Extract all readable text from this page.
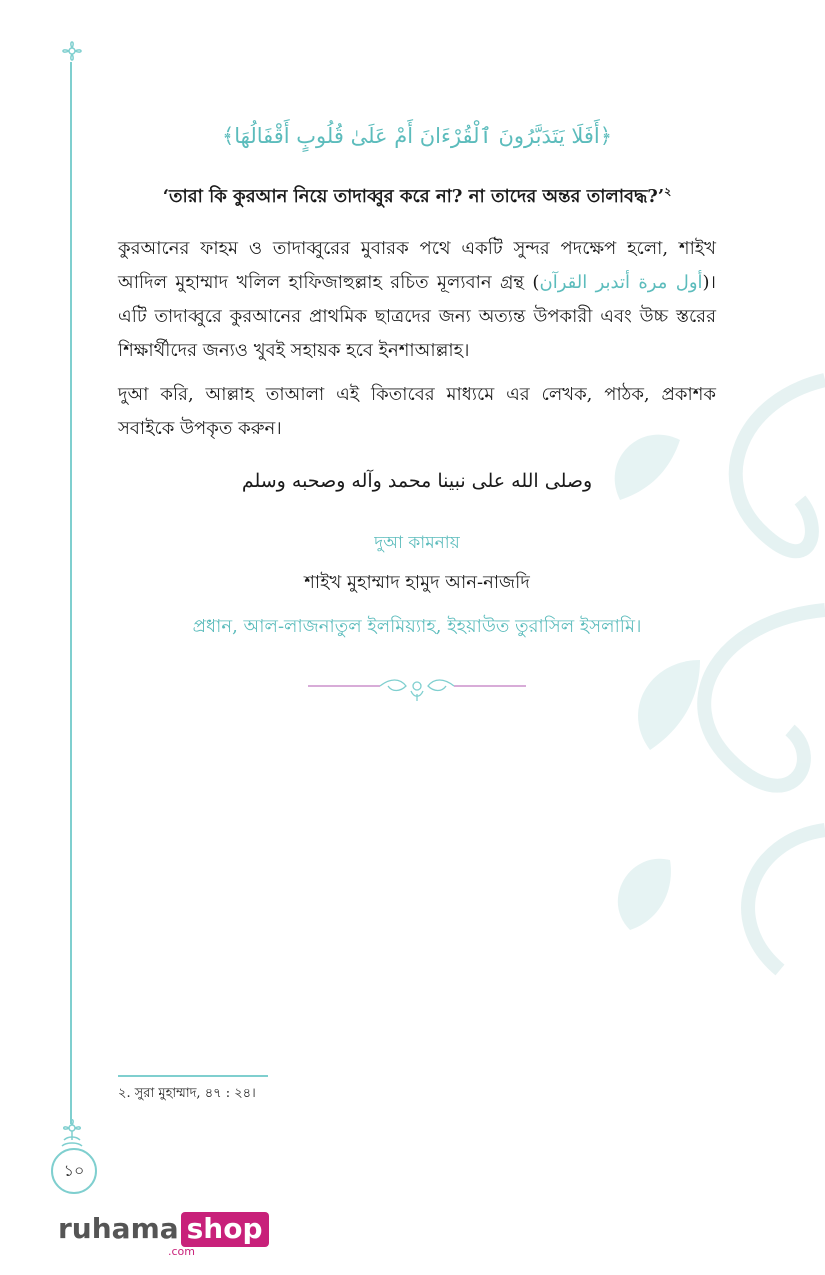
১০
﴿أَفَلَا يَتَدَبَّرُونَ ٱلْقُرْءَانَ أَمْ عَلَىٰ قُلُوبٍ أَقْفَالُهَا﴾
‘তারা কি কুরআন নিয়ে তাদাব্বুর করে না? না তাদের অন্তর তালাবদ্ধ?’$^২$
কুরআনের ফাহম ও তাদাব্বুরের মুবারক পথে একটি সুন্দর পদক্ষেপ হলো, শাইখ আদিল মুহাম্মাদ খলিল হাফিজাহুল্লাহ রচিত মূল্যবান গ্রন্থ (أول مرة أتدبر القرآن)। এটি তাদাব্বুরে কুরআনের প্রাথমিক ছাত্রদের জন্য অত্যন্ত উপকারী এবং উচ্চ স্তরের শিক্ষার্থীদের জন্যও খুবই সহায়ক হবে ইনশাআল্লাহ।
দুআ করি, আল্লাহ তাআলা এই কিতাবের মাধ্যমে এর লেখক, পাঠক, প্রকাশক সবাইকে উপকৃত করুন।
وصلى الله على نبينا محمد وآله وصحبه وسلم
দুআ কামনায়
শাইখ মুহাম্মাদ হামুদ আন-নাজদি
প্রধান, আল-লাজনাতুল ইলমিয়্যাহ, ইহয়াউত তুরাসিল ইসলামি।
২. সুরা মুহাম্মাদ, ৪৭ : ২৪।
ruhama shop
.com
